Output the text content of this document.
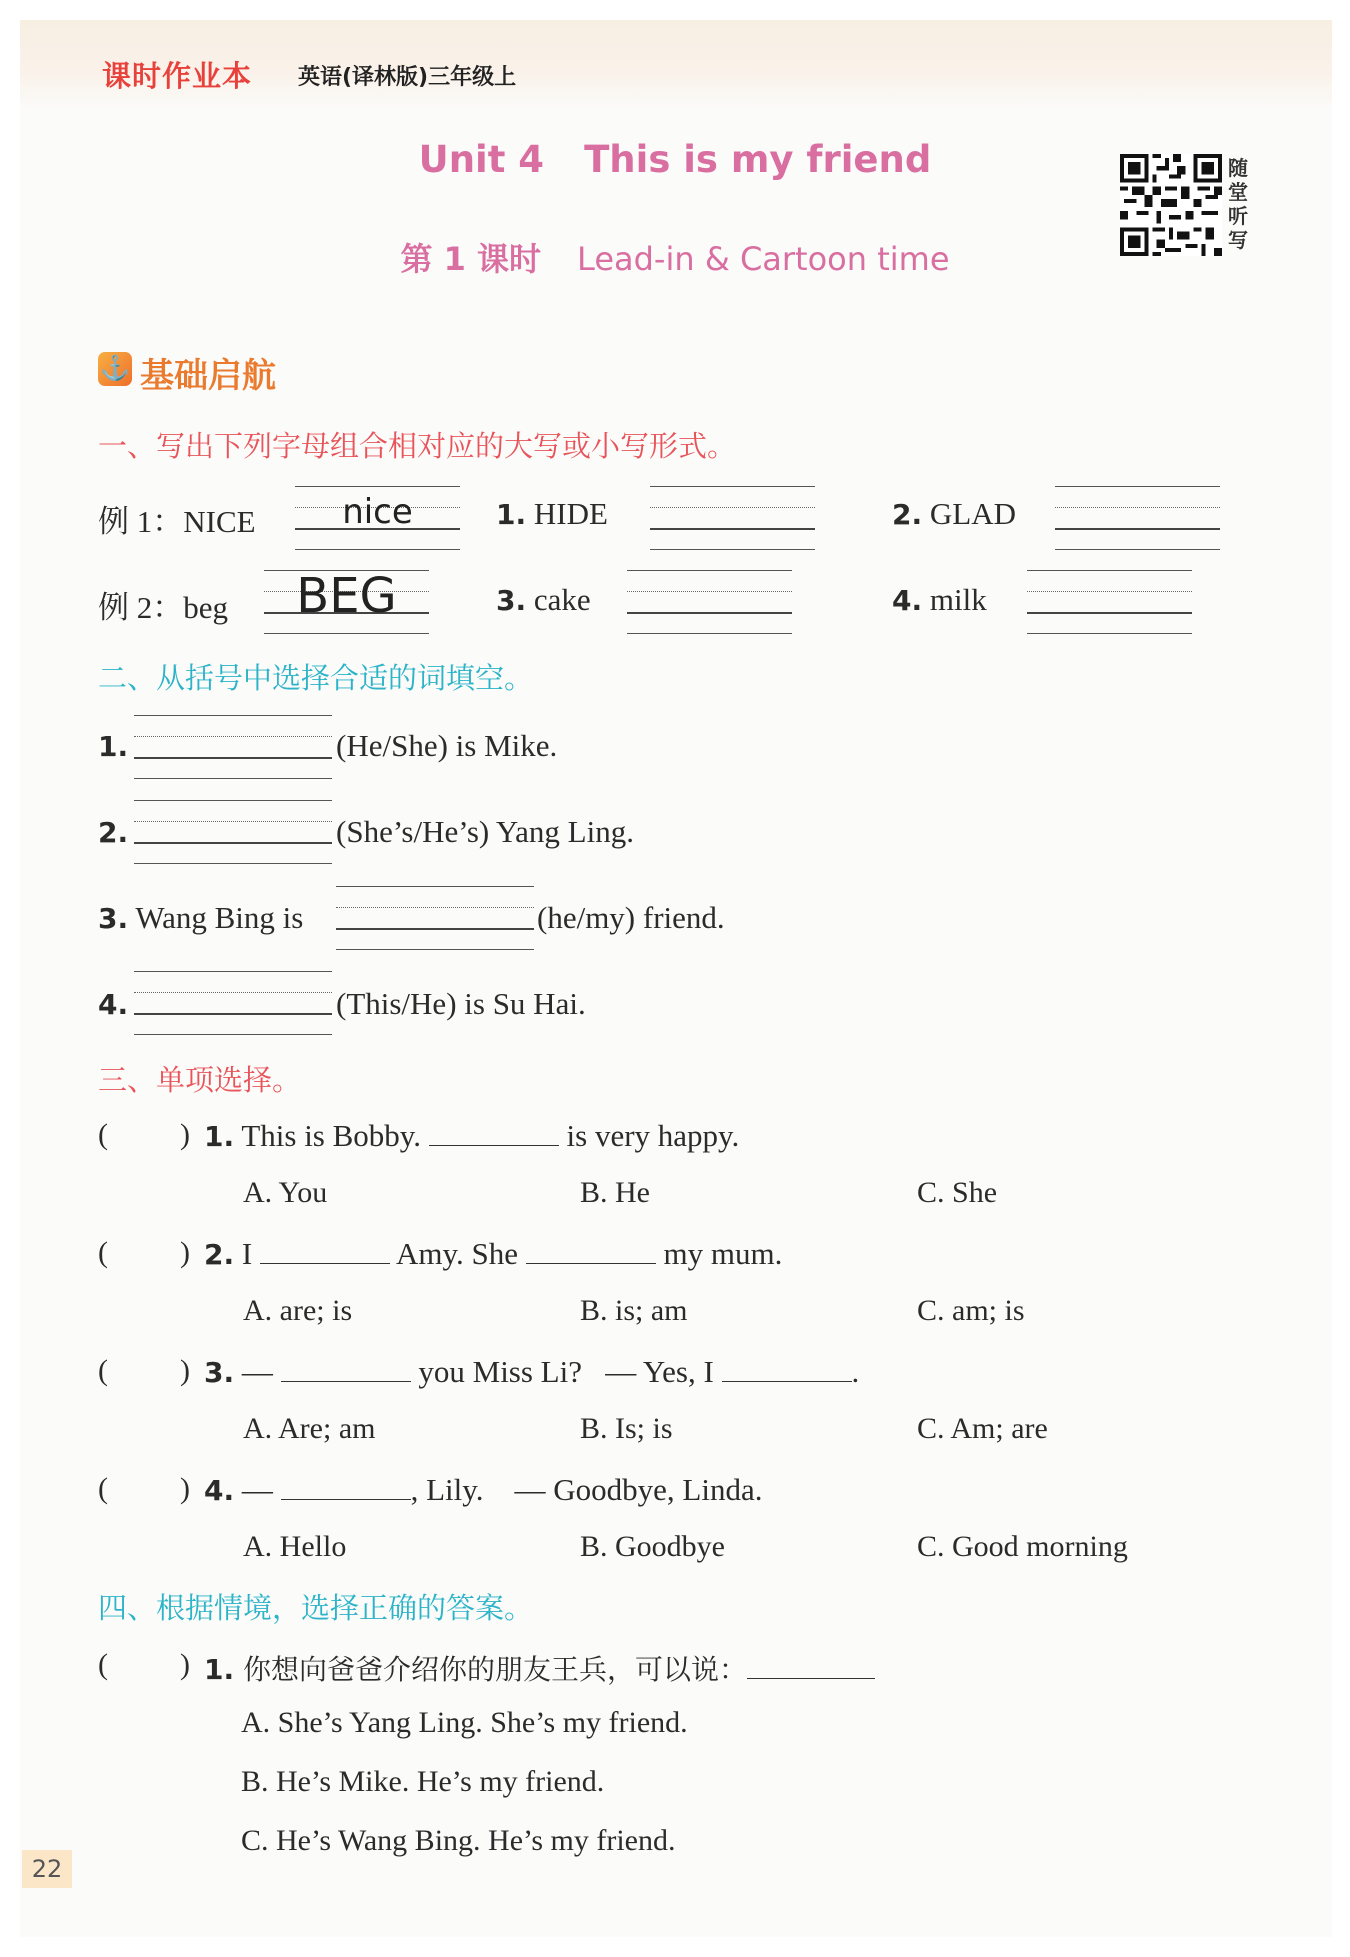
课时作业本 英语(译林版)三年级上
Unit 4 This is my friend
第 1 课时 Lead-in & Cartoon time
随堂听写
⚓ 基础启航
一、写出下列字母组合相对应的大写或小写形式。
例 1：NICE	nice	1. HIDE	2. GLAD
例 2：beg	BEG	3. cake	4. milk
二、从括号中选择合适的词填空。
1.	(He/She) is Mike.
2.	(She’s/He’s) Yang Ling.
3. Wang Bing is	(he/my) friend.
4.	(This/He) is Su Hai.
三、单项选择。
( ) 1. This is Bobby.	is very happy.
A. You	B. He	C. She
( ) 2. I	Amy. She	my mum.
A. are; is	B. is; am	C. am; is
( ) 3. —	you Miss Li? — Yes, I	.
A. Are; am	B. Is; is	C. Am; are
( ) 4. —	, Lily. — Goodbye, Linda.
A. Hello	B. Goodbye	C. Good morning
四、根据情境，选择正确的答案。
( ) 1. 你想向爸爸介绍你的朋友王兵，可以说：
A. She’s Yang Ling. She’s my friend.
B. He’s Mike. He’s my friend.
C. He’s Wang Bing. He’s my friend.
22
